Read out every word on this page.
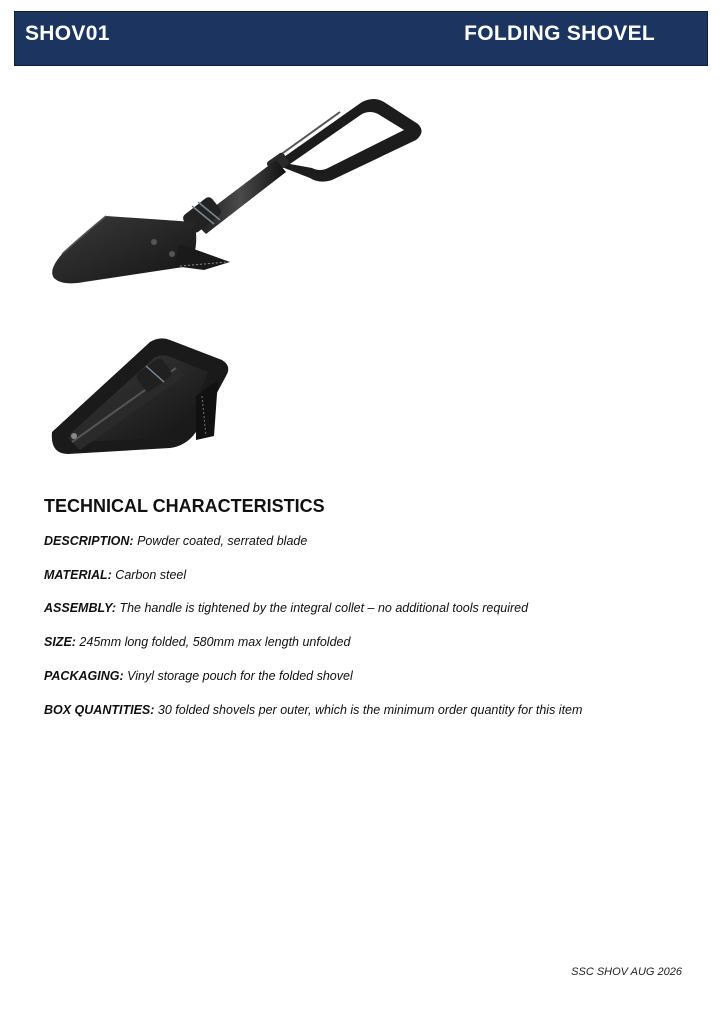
SHOV01	FOLDING SHOVEL
TECHNICAL CHARACTERISTICS
DESCRIPTION: Powder coated, serrated blade
MATERIAL: Carbon steel
ASSEMBLY: The handle is tightened by the integral collet – no additional tools required
SIZE: 245mm long folded, 580mm max length unfolded
PACKAGING: Vinyl storage pouch for the folded shovel
BOX QUANTITIES: 30 folded shovels per outer, which is the minimum order quantity for this item
SSC SHOV AUG 2026
